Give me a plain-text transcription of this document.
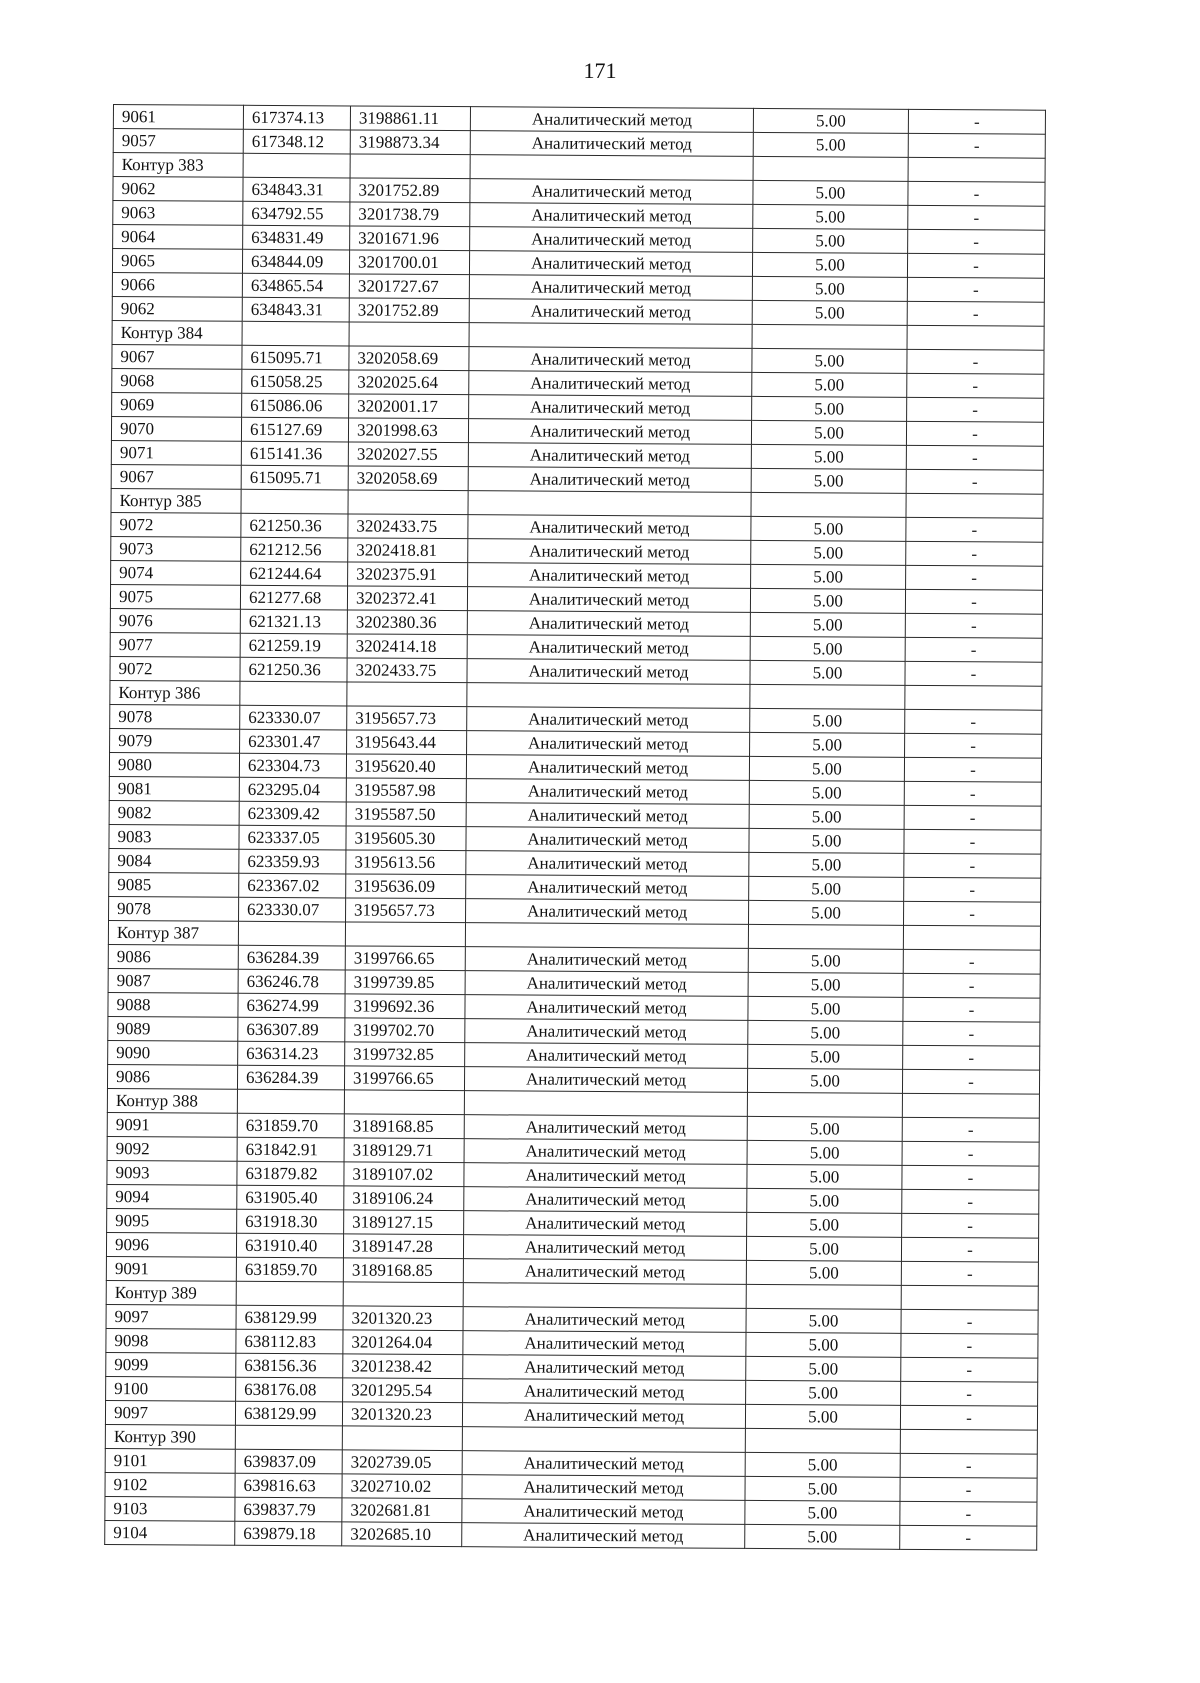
171
9061	617374.13	3198861.11	Аналитический метод	5.00	-
9057	617348.12	3198873.34	Аналитический метод	5.00	-
Контур 383					
9062	634843.31	3201752.89	Аналитический метод	5.00	-
9063	634792.55	3201738.79	Аналитический метод	5.00	-
9064	634831.49	3201671.96	Аналитический метод	5.00	-
9065	634844.09	3201700.01	Аналитический метод	5.00	-
9066	634865.54	3201727.67	Аналитический метод	5.00	-
9062	634843.31	3201752.89	Аналитический метод	5.00	-
Контур 384					
9067	615095.71	3202058.69	Аналитический метод	5.00	-
9068	615058.25	3202025.64	Аналитический метод	5.00	-
9069	615086.06	3202001.17	Аналитический метод	5.00	-
9070	615127.69	3201998.63	Аналитический метод	5.00	-
9071	615141.36	3202027.55	Аналитический метод	5.00	-
9067	615095.71	3202058.69	Аналитический метод	5.00	-
Контур 385					
9072	621250.36	3202433.75	Аналитический метод	5.00	-
9073	621212.56	3202418.81	Аналитический метод	5.00	-
9074	621244.64	3202375.91	Аналитический метод	5.00	-
9075	621277.68	3202372.41	Аналитический метод	5.00	-
9076	621321.13	3202380.36	Аналитический метод	5.00	-
9077	621259.19	3202414.18	Аналитический метод	5.00	-
9072	621250.36	3202433.75	Аналитический метод	5.00	-
Контур 386					
9078	623330.07	3195657.73	Аналитический метод	5.00	-
9079	623301.47	3195643.44	Аналитический метод	5.00	-
9080	623304.73	3195620.40	Аналитический метод	5.00	-
9081	623295.04	3195587.98	Аналитический метод	5.00	-
9082	623309.42	3195587.50	Аналитический метод	5.00	-
9083	623337.05	3195605.30	Аналитический метод	5.00	-
9084	623359.93	3195613.56	Аналитический метод	5.00	-
9085	623367.02	3195636.09	Аналитический метод	5.00	-
9078	623330.07	3195657.73	Аналитический метод	5.00	-
Контур 387					
9086	636284.39	3199766.65	Аналитический метод	5.00	-
9087	636246.78	3199739.85	Аналитический метод	5.00	-
9088	636274.99	3199692.36	Аналитический метод	5.00	-
9089	636307.89	3199702.70	Аналитический метод	5.00	-
9090	636314.23	3199732.85	Аналитический метод	5.00	-
9086	636284.39	3199766.65	Аналитический метод	5.00	-
Контур 388					
9091	631859.70	3189168.85	Аналитический метод	5.00	-
9092	631842.91	3189129.71	Аналитический метод	5.00	-
9093	631879.82	3189107.02	Аналитический метод	5.00	-
9094	631905.40	3189106.24	Аналитический метод	5.00	-
9095	631918.30	3189127.15	Аналитический метод	5.00	-
9096	631910.40	3189147.28	Аналитический метод	5.00	-
9091	631859.70	3189168.85	Аналитический метод	5.00	-
Контур 389					
9097	638129.99	3201320.23	Аналитический метод	5.00	-
9098	638112.83	3201264.04	Аналитический метод	5.00	-
9099	638156.36	3201238.42	Аналитический метод	5.00	-
9100	638176.08	3201295.54	Аналитический метод	5.00	-
9097	638129.99	3201320.23	Аналитический метод	5.00	-
Контур 390					
9101	639837.09	3202739.05	Аналитический метод	5.00	-
9102	639816.63	3202710.02	Аналитический метод	5.00	-
9103	639837.79	3202681.81	Аналитический метод	5.00	-
9104	639879.18	3202685.10	Аналитический метод	5.00	-
